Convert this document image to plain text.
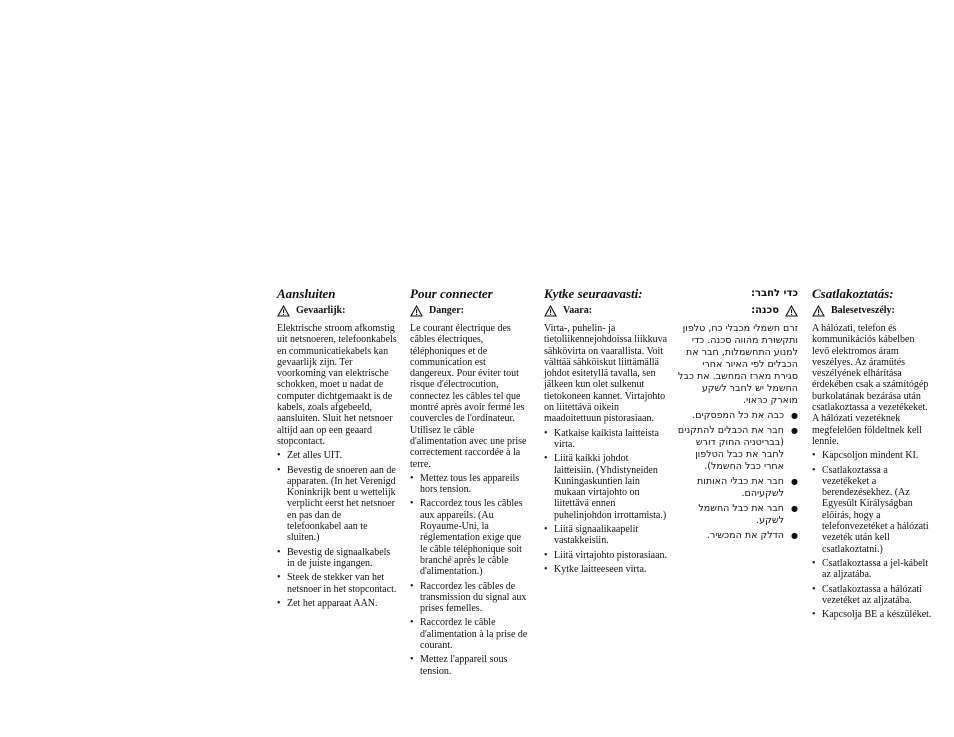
Aansluiten
Gevaarlijk:
Elektrische stroom afkomstig uit netsnoeren, telefoonkabels en communicatiekabels kan gevaarlijk zijn. Ter voorkoming van elektrische schokken, moet u nadat de computer dichtgemaakt is de kabels, zoals afgebeeld, aansluiten. Sluit het netsnoer altijd aan op een geaard stopcontact.
• Zet alles UIT.
• Bevestig de snoeren aan de apparaten. (In het Verenigd Koninkrijk bent u wettelijk verplicht eerst het netsnoer en pas dan de telefoonkabel aan te sluiten.)
• Bevestig de signaalkabels in de juiste ingangen.
• Steek de stekker van het netsnoer in het stopcontact.
• Zet het apparaat AAN.
Pour connecter
Danger:
Le courant électrique des câbles électriques, téléphoniques et de communication est dangereux. Pour éviter tout risque d'électrocution, connectez les câbles tel que montré après avoir fermé les couvercles de l'ordinateur. Utilisez le câble d'alimentation avec une prise correctement raccordée à la terre.
• Mettez tous les appareils hors tension.
• Raccordez tous les câbles aux appareils. (Au Royaume-Uni, la réglementation exige que le câble téléphonique soit branché après le câble d'alimentation.)
• Raccordez les câbles de transmission du signal aux prises femelles.
• Raccordez le câble d'alimentation à la prise de courant.
• Mettez l'appareil sous tension.
Kytke seuraavasti:
Vaara:
Virta-, puhelin- ja tietoliikennejohdoissa liikkuva sähkövirta on vaarallista. Voit välttää sähköiskut liittämällä johdot esitetyllä tavalla, sen jälkeen kun olet sulkenut tietokoneen kannet. Virtajohto on liitettävä oikein maadoitettuun pistorasiaan.
• Katkaise kaikista laitteista virta.
• Liitä kaikki johdot laitteisiin. (Yhdistyneiden Kuningaskuntien lain mukaan virtajohto on liitettävä ennen puhelinjohdon irrottamista.)
• Liitä signaalikaapelit vastakkeisiin.
• Liitä virtajohto pistorasiaan.
• Kytke laitteeseen virta.
כדי לחבר:
סכנה:
זרם חשמלי מכבלי כח, טלפון ותקשורת מהווה סכנה. כדי למנוע התחשמלות, חבר את הכבלים לפי האיור אחרי סגירת מארז המחשב. את כבל החשמל יש לחבר לשקע מוארק כראוי.
● כבה את כל המפסקים.
● חבר את הכבלים להתקנים (בבריטניה החוק דורש לחבר את כבל הטלפון אחרי כבל החשמל).
● חבר את כבלי האותות לשקעיהם.
● חבר את כבל החשמל לשקע.
● הדלק את המכשיר.
Csatlakoztatás:
Balesetveszély:
A hálózati, telefon és kommunikációs kábelben levő elektromos áram veszélyes. Az áramütés veszélyének elhárítása érdekében csak a számítógép burkolatának bezárása után csatlakoztassa a vezetékeket. A hálózati vezetéknek megfelelően földeltnek kell lennie.
• Kapcsoljon mindent KI.
• Csatlakoztassa a vezetékeket a berendezésekhez. (Az Egyesült Királyságban előírás, hogy a telefonvezetéket a hálózati vezeték után kell csatlakoztatni.)
• Csatlakoztassa a jel-kábelt az aljzatába.
• Csatlakoztassa a hálózati vezetéket az aljzatába.
• Kapcsolja BE a készüléket.
